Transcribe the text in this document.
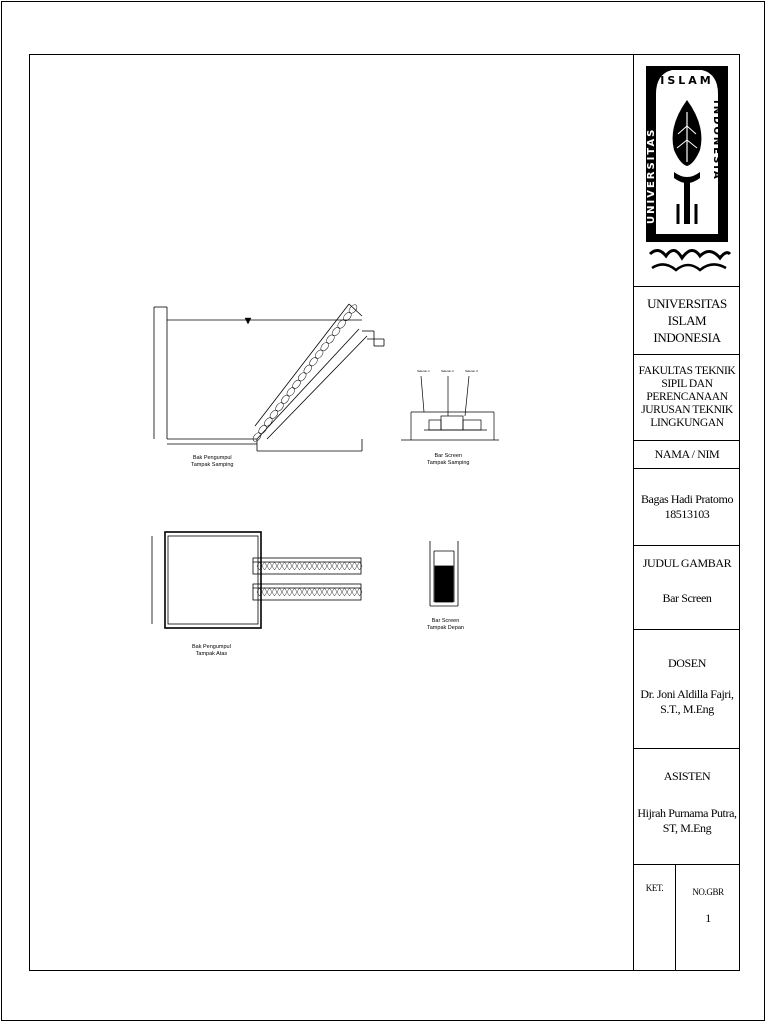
Saluran 1	Saluran 2	Saluran 3
Bak Pengumpul
Tampak Samping
Bar Screen
Tampak Samping
Bak Pengumpul
Tampak Atas
Bar Screen
Tampak Depan
ISLAM
UNIVERSITAS	INDONESIA
UNIVERSITAS ISLAM INDONESIA
FAKULTAS TEKNIK SIPIL DAN PERENCANAAN JURUSAN TEKNIK LINGKUNGAN
NAMA / NIM
Bagas Hadi Pratomo
18513103
JUDUL GAMBAR
Bar Screen
DOSEN
Dr. Joni Aldilla Fajri, S.T., M.Eng
ASISTEN
Hijrah Purnama Putra, ST, M.Eng
KET.	NO.GBR
1
